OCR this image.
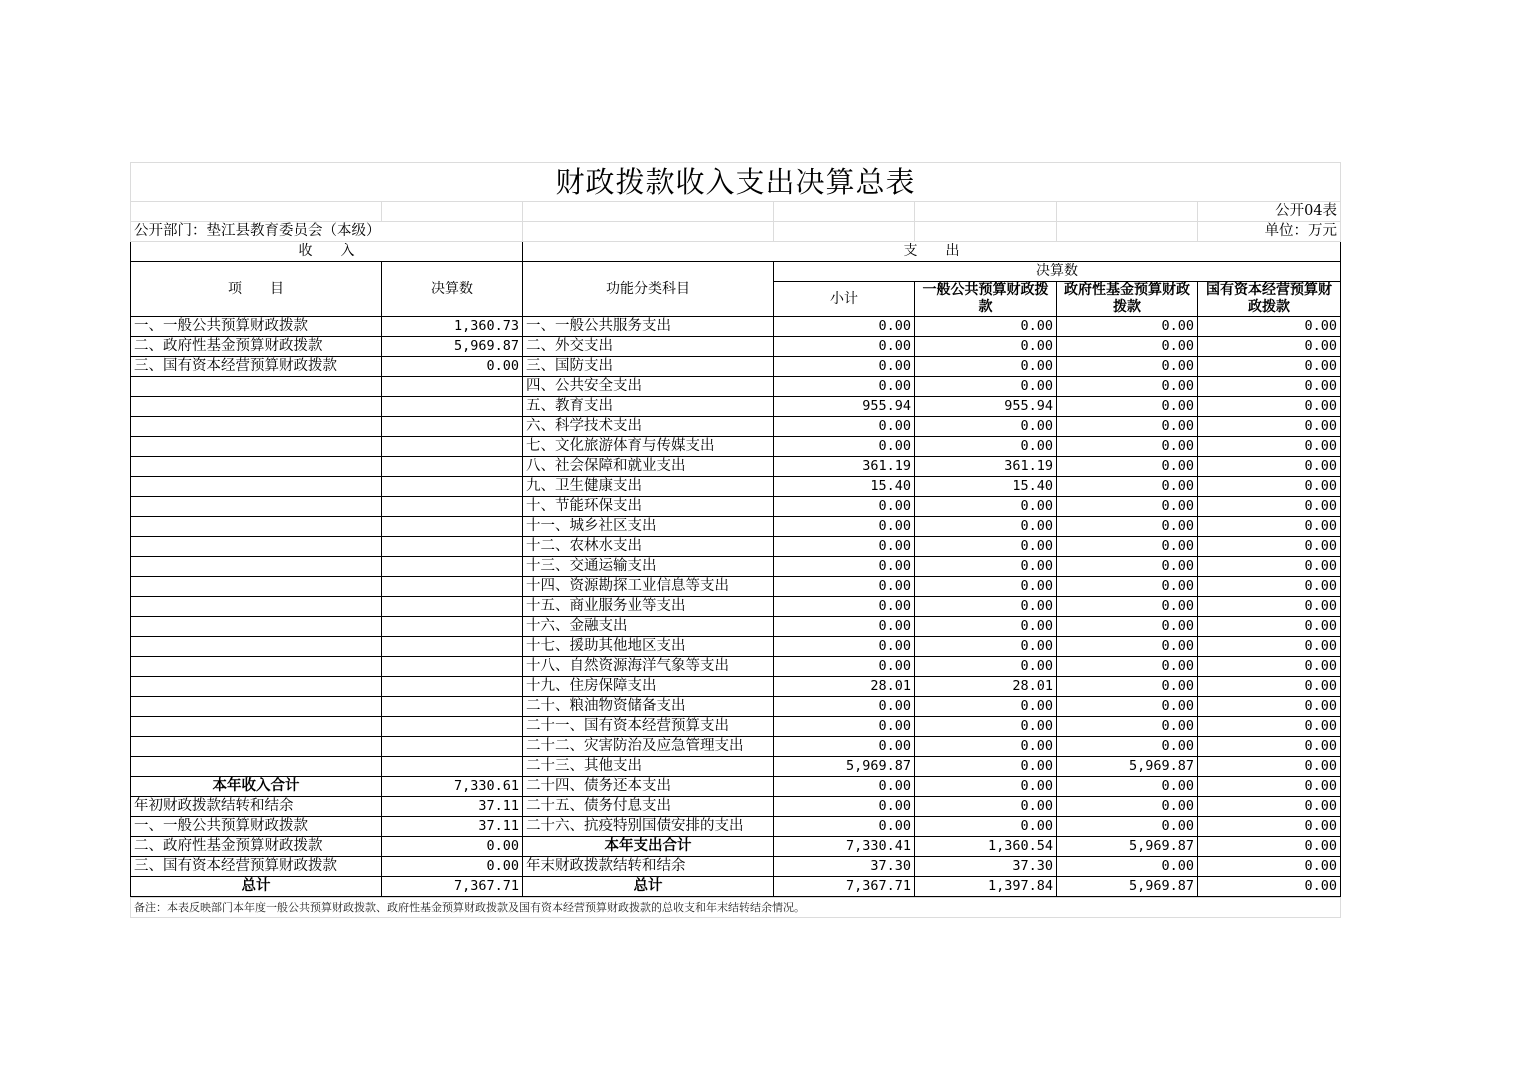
财政拨款收入支出决算总表						
						公开04表
公开部门：垫江县教育委员会（本级）						单位：万元
收　　入		支　　出				
项　　目	决算数	功能分类科目	决算数			
			小计	一般公共预算财政拨款	政府性基金预算财政拨款	国有资本经营预算财政拨款

一、一般公共预算财政拨款	1,360.73	一、一般公共服务支出	0.00	0.00	0.00	0.00
二、政府性基金预算财政拨款	5,969.87	二、外交支出	0.00	0.00	0.00	0.00
三、国有资本经营预算财政拨款	0.00	三、国防支出	0.00	0.00	0.00	0.00
		四、公共安全支出	0.00	0.00	0.00	0.00
		五、教育支出	955.94	955.94	0.00	0.00
		六、科学技术支出	0.00	0.00	0.00	0.00
		七、文化旅游体育与传媒支出	0.00	0.00	0.00	0.00
		八、社会保障和就业支出	361.19	361.19	0.00	0.00
		九、卫生健康支出	15.40	15.40	0.00	0.00
		十、节能环保支出	0.00	0.00	0.00	0.00
		十一、城乡社区支出	0.00	0.00	0.00	0.00
		十二、农林水支出	0.00	0.00	0.00	0.00
		十三、交通运输支出	0.00	0.00	0.00	0.00
		十四、资源勘探工业信息等支出	0.00	0.00	0.00	0.00
		十五、商业服务业等支出	0.00	0.00	0.00	0.00
		十六、金融支出	0.00	0.00	0.00	0.00
		十七、援助其他地区支出	0.00	0.00	0.00	0.00
		十八、自然资源海洋气象等支出	0.00	0.00	0.00	0.00
		十九、住房保障支出	28.01	28.01	0.00	0.00
		二十、粮油物资储备支出	0.00	0.00	0.00	0.00
		二十一、国有资本经营预算支出	0.00	0.00	0.00	0.00
		二十二、灾害防治及应急管理支出	0.00	0.00	0.00	0.00
		二十三、其他支出	5,969.87	0.00	5,969.87	0.00
本年收入合计	7,330.61	二十四、债务还本支出	0.00	0.00	0.00	0.00
年初财政拨款结转和结余	37.11	二十五、债务付息支出	0.00	0.00	0.00	0.00
一、一般公共预算财政拨款	37.11	二十六、抗疫特别国债安排的支出	0.00	0.00	0.00	0.00
二、政府性基金预算财政拨款	0.00	本年支出合计	7,330.41	1,360.54	5,969.87	0.00
三、国有资本经营预算财政拨款	0.00	年末财政拨款结转和结余	37.30	37.30	0.00	0.00
总计	7,367.71	总计	7,367.71	1,397.84	5,969.87	0.00
备注：本表反映部门本年度一般公共预算财政拨款、政府性基金预算财政拨款及国有资本经营预算财政拨款的总收支和年末结转结余情况。
